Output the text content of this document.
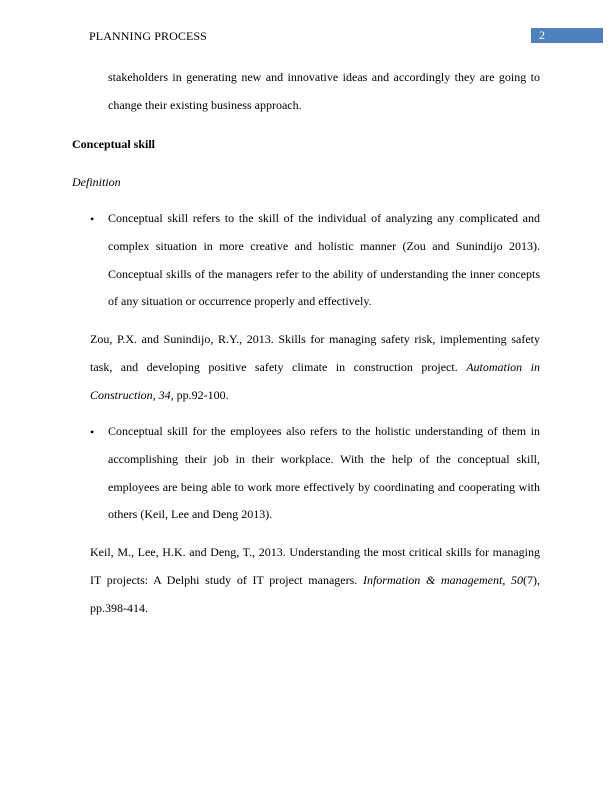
PLANNING PROCESS	2
stakeholders in generating new and innovative ideas and accordingly they are going to change their existing business approach.
Conceptual skill
Definition
• Conceptual skill refers to the skill of the individual of analyzing any complicated and complex situation in more creative and holistic manner (Zou and Sunindijo 2013). Conceptual skills of the managers refer to the ability of understanding the inner concepts of any situation or occurrence properly and effectively.
Zou, P.X. and Sunindijo, R.Y., 2013. Skills for managing safety risk, implementing safety task, and developing positive safety climate in construction project. Automation in Construction, 34, pp.92-100.
• Conceptual skill for the employees also refers to the holistic understanding of them in accomplishing their job in their workplace. With the help of the conceptual skill, employees are being able to work more effectively by coordinating and cooperating with others (Keil, Lee and Deng 2013).
Keil, M., Lee, H.K. and Deng, T., 2013. Understanding the most critical skills for managing IT projects: A Delphi study of IT project managers. Information & management, 50(7), pp.398-414.
